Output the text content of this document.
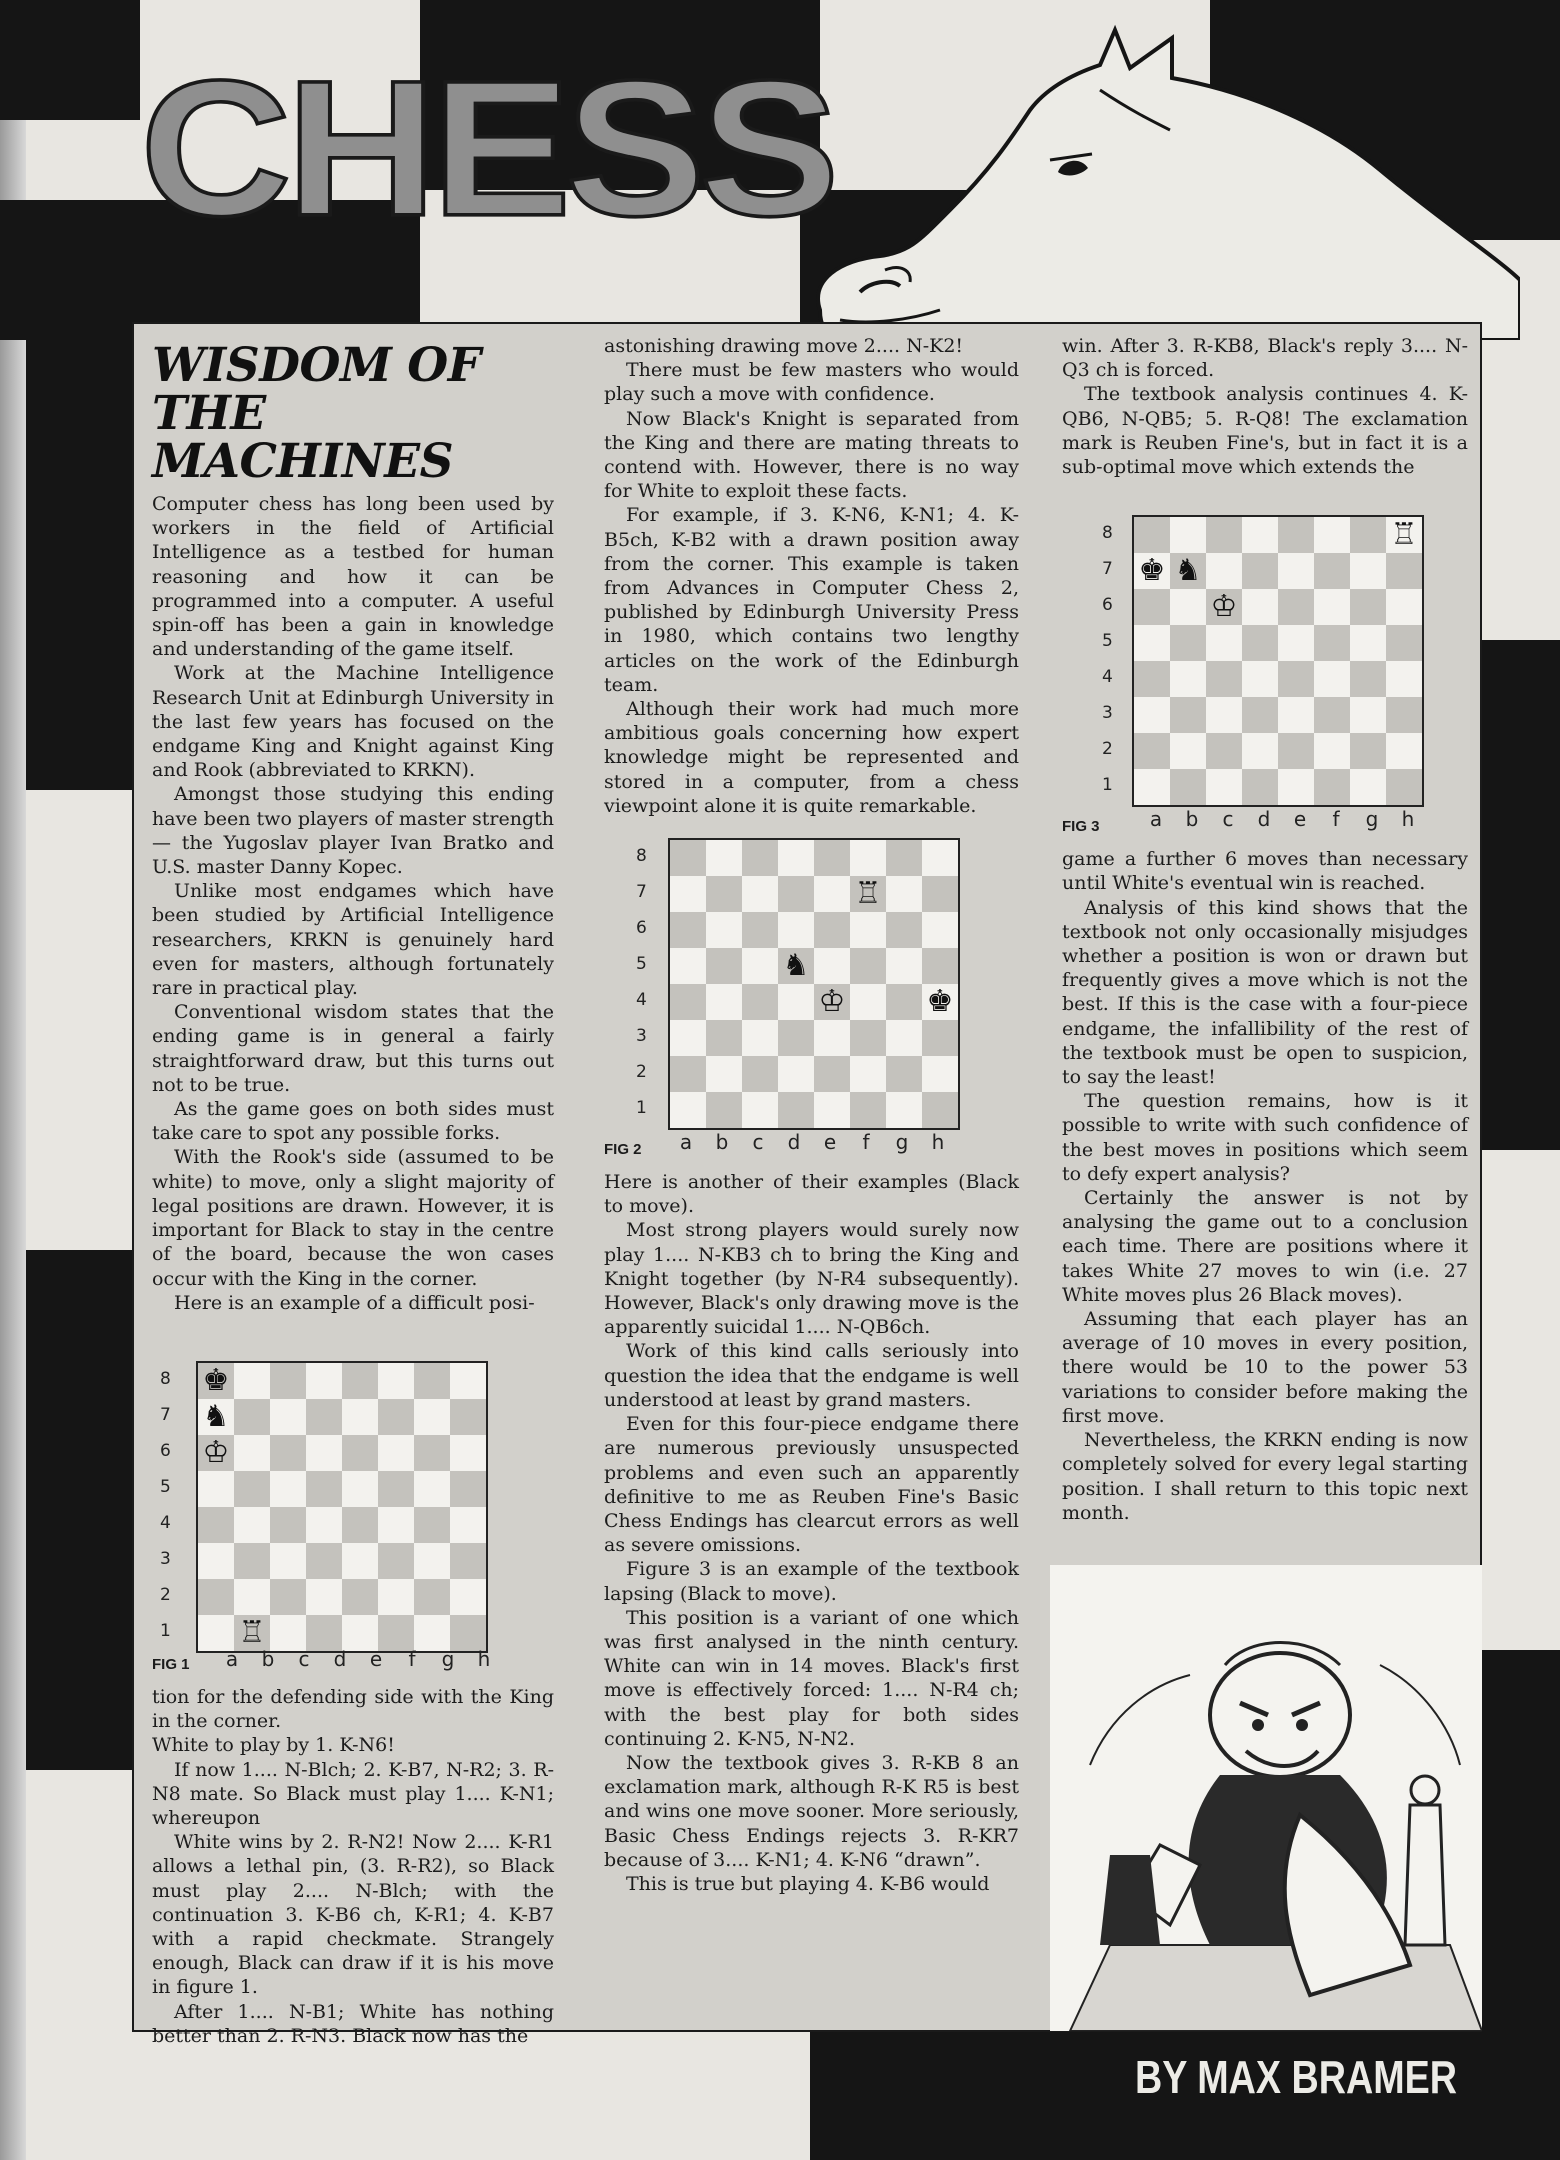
CHESS
WISDOM OF
THE MACHINES

Computer chess has long been used by workers in the field of Artificial Intelligence as a testbed for human reasoning and how it can be programmed into a computer. A useful spin-off has been a gain in knowledge and understanding of the game itself.

Work at the Machine Intelligence Research Unit at Edinburgh University in the last few years has focused on the endgame King and Knight against King and Rook (abbreviated to KRKN).

Amongst those studying this ending have been two players of master strength — the Yugoslav player Ivan Bratko and U.S. master Danny Kopec.

Unlike most endgames which have been studied by Artificial Intelligence researchers, KRKN is genuinely hard even for masters, although fortunately rare in practical play.

Conventional wisdom states that the ending game is in general a fairly straightforward draw, but this turns out not to be true.

As the game goes on both sides must take care to spot any possible forks.

With the Rook's side (assumed to be white) to move, only a slight majority of legal positions are drawn. However, it is important for Black to stay in the centre of the board, because the won cases occur with the King in the corner.

Here is an example of a difficult posi-

8
7
6
5
4
3
2
1
♚
♞
♔
♖
FIG 1	a	b	c	d	e	f	g	h

tion for the defending side with the King in the corner.

White to play by 1. K-N6!

If now 1.... N-Blch; 2. K-B7, N-R2; 3. R-N8 mate. So Black must play 1.... K-N1; whereupon

White wins by 2. R-N2! Now 2.... K-R1 allows a lethal pin, (3. R-R2), so Black must play 2.... N-Blch; with the continuation 3. K-B6 ch, K-R1; 4. K-B7 with a rapid checkmate. Strangely enough, Black can draw if it is his move in figure 1.

After 1.... N-B1; White has nothing better than 2. R-N3. Black now has the

astonishing drawing move 2.... N-K2!

There must be few masters who would play such a move with confidence.

Now Black's Knight is separated from the King and there are mating threats to contend with. However, there is no way for White to exploit these facts.

For example, if 3. K-N6, K-N1; 4. K-B5ch, K-B2 with a drawn position away from the corner. This example is taken from Advances in Computer Chess 2, published by Edinburgh University Press in 1980, which contains two lengthy articles on the work of the Edinburgh team.

Although their work had much more ambitious goals concerning how expert knowledge might be represented and stored in a computer, from a chess viewpoint alone it is quite remarkable.

8
7
6
5
4
3
2
1
♖
♞
♔	♚
FIG 2	a	b	c	d	e	f	g	h

Here is another of their examples (Black to move).

Most strong players would surely now play 1.... N-KB3 ch to bring the King and Knight together (by N-R4 subsequently). However, Black's only drawing move is the apparently suicidal 1.... N-QB6ch.

Work of this kind calls seriously into question the idea that the endgame is well understood at least by grand masters.

Even for this four-piece endgame there are numerous previously unsuspected problems and even such an apparently definitive to me as Reuben Fine's Basic Chess Endings has clearcut errors as well as severe omissions.

Figure 3 is an example of the textbook lapsing (Black to move).

This position is a variant of one which was first analysed in the ninth century. White can win in 14 moves. Black's first move is effectively forced: 1.... N-R4 ch; with the best play for both sides continuing 2. K-N5, N-N2.

Now the textbook gives 3. R-KB 8 an exclamation mark, although R-K R5 is best and wins one move sooner. More seriously, Basic Chess Endings rejects 3. R-KR7 because of 3.... K-N1; 4. K-N6 “drawn”.

This is true but playing 4. K-B6 would

win. After 3. R-KB8, Black's reply 3.... N-Q3 ch is forced.

The textbook analysis continues 4. K-QB6, N-QB5; 5. R-Q8! The exclamation mark is Reuben Fine's, but in fact it is a sub-optimal move which extends the

8
7
6
5
4
3
2
1
♖
♚ ♞
♔
FIG 3	a	b	c	d	e	f	g	h

game a further 6 moves than necessary until White's eventual win is reached.

Analysis of this kind shows that the textbook not only occasionally misjudges whether a position is won or drawn but frequently gives a move which is not the best. If this is the case with a four-piece endgame, the infallibility of the rest of the textbook must be open to suspicion, to say the least!

The question remains, how is it possible to write with such confidence of the best moves in positions which seem to defy expert analysis?

Certainly the answer is not by analysing the game out to a conclusion each time. There are positions where it takes White 27 moves to win (i.e. 27 White moves plus 26 Black moves).

Assuming that each player has an average of 10 moves in every position, there would be 10 to the power 53 variations to consider before making the first move.

Nevertheless, the KRKN ending is now completely solved for every legal starting position. I shall return to this topic next month.

BY MAX BRAMER
